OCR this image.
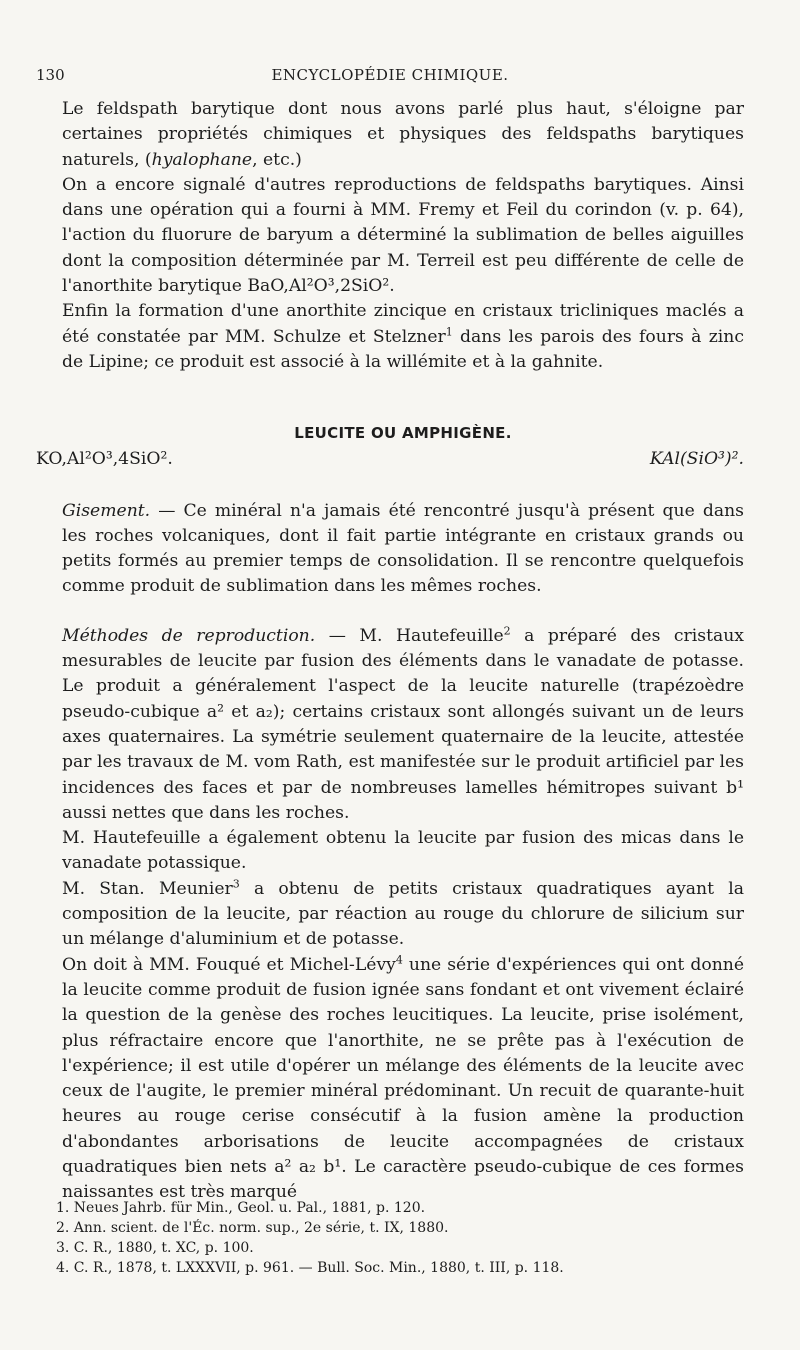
130	ENCYCLOPÉDIE CHIMIQUE.

Le feldspath barytique dont nous avons parlé plus haut, s'éloigne par certaines propriétés chimiques et physiques des feldspaths barytiques naturels, (hyalophane, etc.)

On a encore signalé d'autres reproductions de feldspaths barytiques. Ainsi dans une opération qui a fourni à MM. Fremy et Feil du corindon (v. p. 64), l'action du fluorure de baryum a déterminé la sublimation de belles aiguilles dont la composition déterminée par M. Terreil est peu différente de celle de l'anorthite barytique BaO,Al²O³,2SiO².

Enfin la formation d'une anorthite zincique en cristaux tricliniques maclés a été constatée par MM. Schulze et Stelzner$^1$ dans les parois des fours à zinc de Lipine; ce produit est associé à la willémite et à la gahnite.

LEUCITE OU AMPHIGÈNE.
KO,Al²O³,4SiO².	KAl(SiO³)².

Gisement. — Ce minéral n'a jamais été rencontré jusqu'à présent que dans les roches volcaniques, dont il fait partie intégrante en cristaux grands ou petits formés au premier temps de consolidation. Il se rencontre quelquefois comme produit de sublimation dans les mêmes roches.

Méthodes de reproduction. — M. Hautefeuille$^2$ a préparé des cristaux mesurables de leucite par fusion des éléments dans le vanadate de potasse. Le produit a généralement l'aspect de la leucite naturelle (trapézoèdre pseudo-cubique a² et a₂); certains cristaux sont allongés suivant un de leurs axes quaternaires. La symétrie seulement quaternaire de la leucite, attestée par les travaux de M. vom Rath, est manifestée sur le produit artificiel par les incidences des faces et par de nombreuses lamelles hémitropes suivant b¹ aussi nettes que dans les roches.

M. Hautefeuille a également obtenu la leucite par fusion des micas dans le vanadate potassique.

M. Stan. Meunier$^3$ a obtenu de petits cristaux quadratiques ayant la composition de la leucite, par réaction au rouge du chlorure de silicium sur un mélange d'aluminium et de potasse.

On doit à MM. Fouqué et Michel-Lévy$^4$ une série d'expériences qui ont donné la leucite comme produit de fusion ignée sans fondant et ont vivement éclairé la question de la genèse des roches leucitiques. La leucite, prise isolément, plus réfractaire encore que l'anorthite, ne se prête pas à l'exécution de l'expérience; il est utile d'opérer un mélange des éléments de la leucite avec ceux de l'augite, le premier minéral prédominant. Un recuit de quarante-huit heures au rouge cerise consécutif à la fusion amène la production d'abondantes arborisations de leucite accompagnées de cristaux quadratiques bien nets a² a₂ b¹. Le caractère pseudo-cubique de ces formes naissantes est très marqué

1. Neues Jahrb. für Min., Geol. u. Pal., 1881, p. 120.
2. Ann. scient. de l'Éc. norm. sup., 2e série, t. IX, 1880.
3. C. R., 1880, t. XC, p. 100.
4. C. R., 1878, t. LXXXVII, p. 961. — Bull. Soc. Min., 1880, t. III, p. 118.
